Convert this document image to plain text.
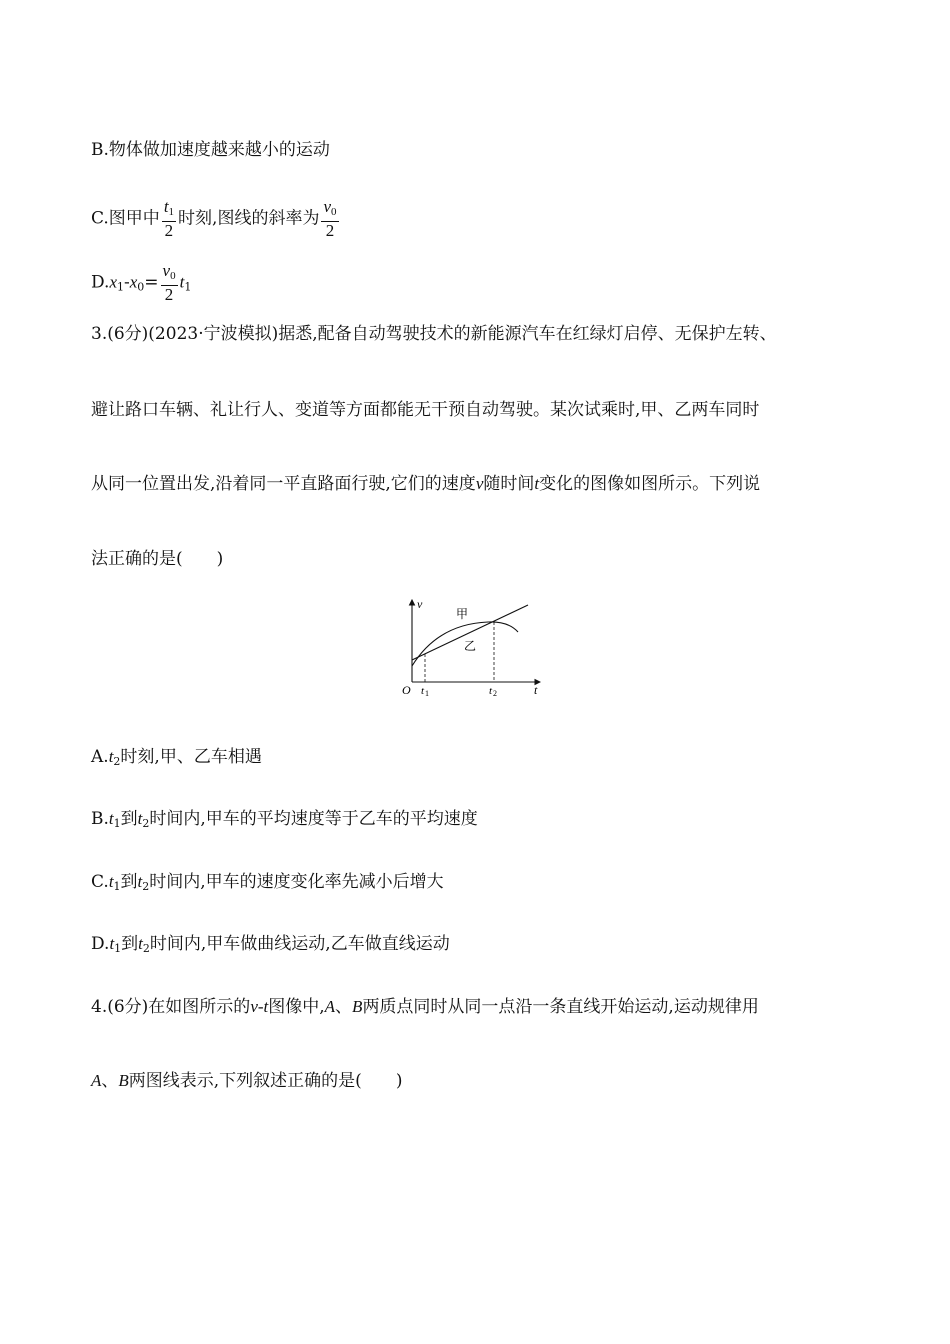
B.物体做加速度越来越小的运动
C.图甲中 $\frac{t_1}{2}$ 时刻,图线的斜率为 $\frac{v_0}{2}$
$D.x_1-x_0= \frac{v_0}{2} t_1$
3.(6分)(2023·宁波模拟)据悉,配备自动驾驶技术的新能源汽车在红绿灯启停、无保护左转、
避让路口车辆、礼让行人、变道等方面都能无干预自动驾驶。某次试乘时,甲、乙两车同时
从同一位置出发,沿着同一平直路面行驶,它们的速度v随时间t变化的图像如图所示。下列说
法正确的是(　　)
v
t
O
甲
乙
t 1	t 2
$A.t_2$时刻,甲、乙车相遇
$B.t_1$到$t_2$时间内,甲车的平均速度等于乙车的平均速度
$C.t_1$到$t_2$时间内,甲车的速度变化率先减小后增大
$D.t_1$到$t_2$时间内,甲车做曲线运动,乙车做直线运动
4.(6分)在如图所示的v-t图像中,A、B两质点同时从同一点沿一条直线开始运动,运动规律用
A、B两图线表示,下列叙述正确的是(　　)
